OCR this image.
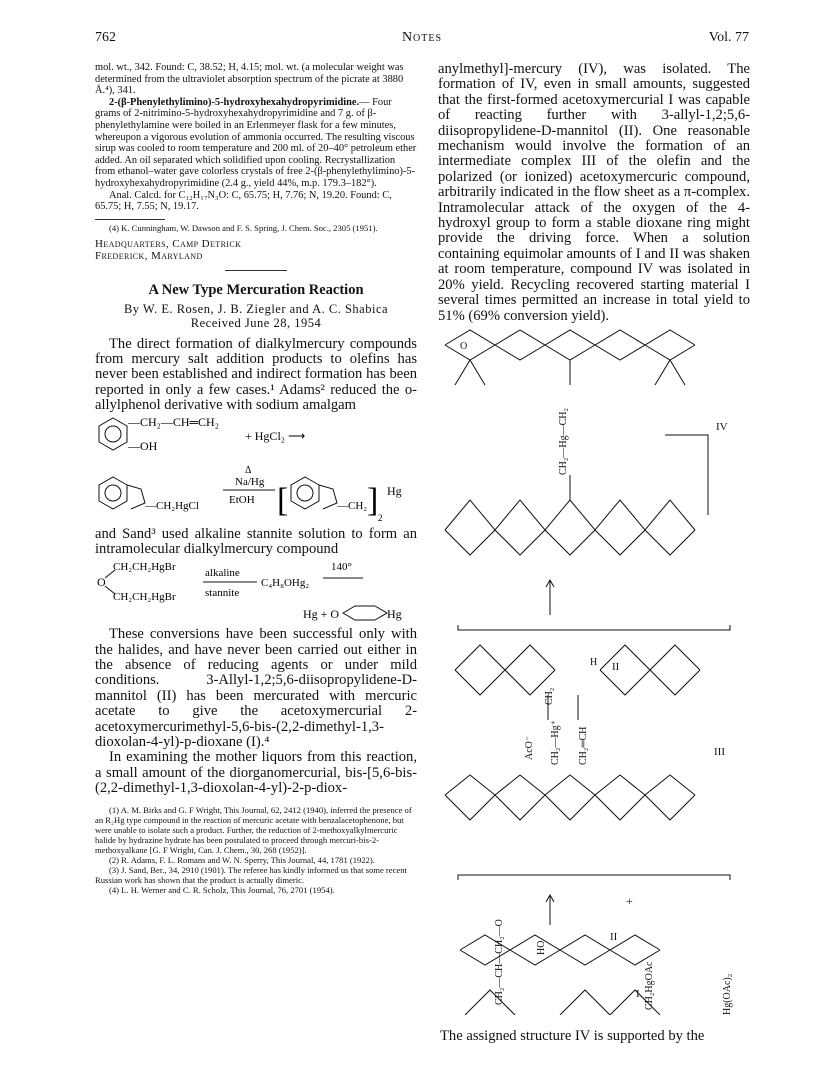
762	Notes	Vol. 77

mol. wt., 342. Found: C, 38.52; H, 4.15; mol. wt. (a molecular weight was determined from the ultraviolet absorption spectrum of the picrate at 3880 Å.⁴), 341.

2-(β-Phenylethylimino)-5-hydroxyhexahydropyrimidine.— Four grams of 2-nitrimino-5-hydroxyhexahydropyrimidine and 7 g. of β-phenylethylamine were boiled in an Erlenmeyer flask for a few minutes, whereupon a vigorous evolution of ammonia occurred. The resulting viscous sirup was cooled to room temperature and 200 ml. of 20–40° petroleum ether added. An oil separated which solidified upon cooling. Recrystallization from ethanol–water gave colorless crystals of free 2-(β-phenylethylimino)-5-hydroxyhexahydropyrimidine (2.4 g., yield 44%, m.p. 179.3–182°).

Anal. Calcd. for C₁₂H₁₇N₃O: C, 65.75; H, 7.76; N, 19.20. Found: C, 65.75; H, 7.55; N, 19.17.

(4) K. Cunningham, W. Dawson and F. S. Spring, J. Chem. Soc., 2305 (1951).

Headquarters, Camp Detrick
Frederick, Maryland
A New Type Mercuration Reaction
By W. E. Rosen, J. B. Ziegler and A. C. Shabica
Received June 28, 1954

The direct formation of dialkylmercury compounds from mercury salt addition products to olefins has never been established and indirect formation has been reported in only a few cases.¹ Adams² reduced the o-allylphenol derivative with sodium amalgam

—CH₂—CH═CH₂
—OH
+ HgCl₂ ⟶

—CH₂HgCl
Δ
Na/Hg
EtOH [	—CH₂ ] 2
Hg

and Sand³ used alkaline stannite solution to form an intramolecular dialkylmercury compound

O
CH₂CH₂HgBr
CH₂CH₂HgBr
alkaline
stannite
C₄H₈OHg₂
140°
Hg + O	Hg

These conversions have been successful only with the halides, and have never been carried out either in the absence of reducing agents or under mild conditions. 3-Allyl-1,2;5,6-diisopropylidene-D-mannitol (II) has been mercurated with mercuric acetate to give the acetoxymercurial 2-acetoxymercurimethyl-5,6-bis-(2,2-dimethyl-1,3-dioxolan-4-yl)-p-dioxane (I).⁴

In examining the mother liquors from this reaction, a small amount of the diorganomercurial, bis-[5,6-bis-(2,2-dimethyl-1,3-dioxolan-4-yl)-2-p-diox-

(1) A. M. Birks and G. F Wright, This Journal, 62, 2412 (1940), inferred the presence of an R₂Hg type compound in the reaction of mercuric acetate with benzalacetophenone, but were unable to isolate such a product. Further, the reduction of 2-methoxyalkylmercuric halide by hydrazine hydrate has been postulated to proceed through mercuri-bis-2-methoxyalkane [G. F Wright, Can. J. Chem., 30, 268 (1952)].

(2) R. Adams, F. L. Romans and W. N. Sperry, This Journal, 44, 1781 (1922).

(3) J. Sand, Ber., 34, 2910 (1901). The referee has kindly informed us that some recent Russian work has shown that the product is actually dimeric.

(4) L. H. Werner and C. R. Scholz, This Journal, 76, 2701 (1954).

anylmethyl]-mercury (IV), was isolated. The formation of IV, even in small amounts, suggested that the first-formed acetoxymercurial I was capable of reacting further with 3-allyl-1,2;5,6-diisopropylidene-D-mannitol (II). One reasonable mechanism would involve the formation of an intermediate complex III of the olefin and the polarized (or ionized) acetoxymercuric compound, arbitrarily indicated in the flow sheet as a π-complex. Intramolecular attack of the oxygen of the 4-hydroxyl group to form a stable dioxane ring might provide the driving force. When a solution containing equimolar amounts of I and II was shaken at room temperature, compound IV was isolated in 20% yield. Recycling recovered starting material I several times permitted an increase in total yield to 51% (69% conversion yield).

O
IV
CH₂—Hg—CH₂
AcO⁻ CH₂—Hg⁺ CH₂═CH
CH₂
H
III
CH₂—CH—CH₂—O	HO
CH₂HgOAc	Hg(OAc)₂
+
I
II
II
The assigned structure IV is supported by the
